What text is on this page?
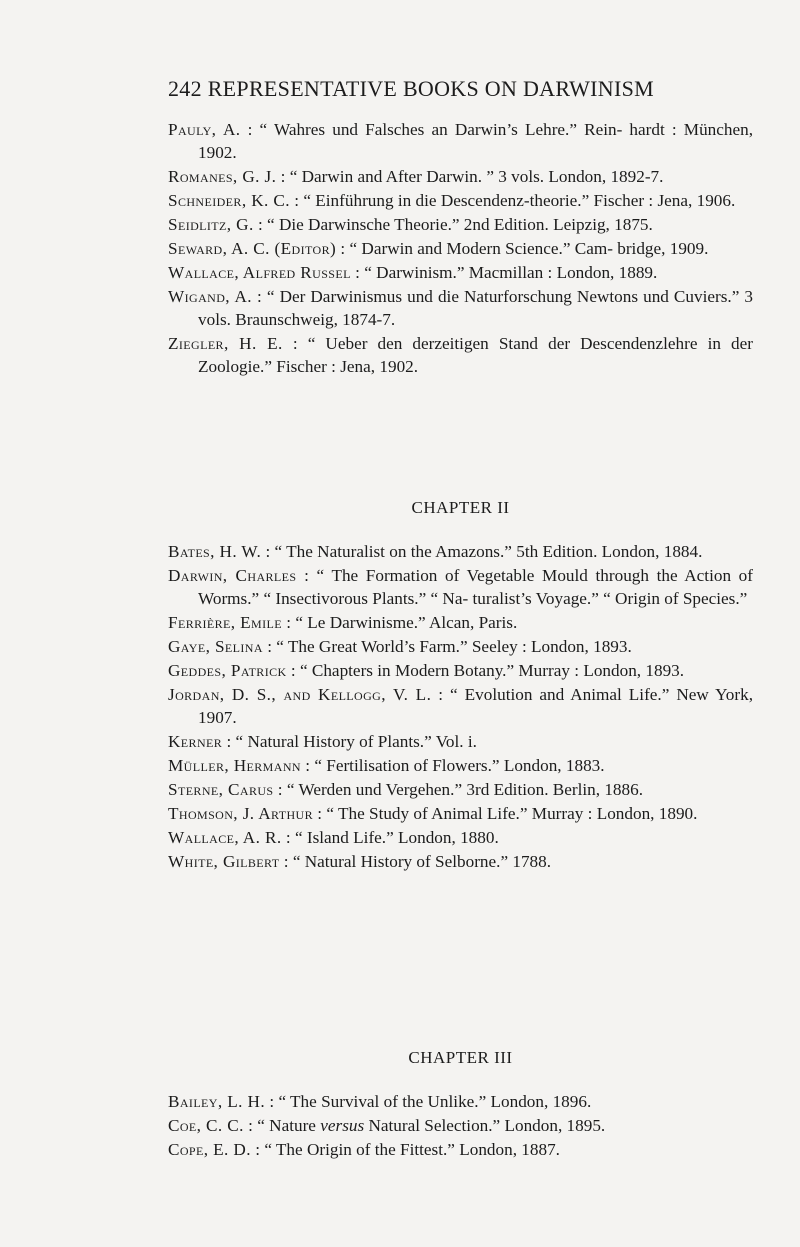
242 REPRESENTATIVE BOOKS ON DARWINISM

Pauly, A. : “ Wahres und Falsches an Darwin’s Lehre.” Rein- hardt : München, 1902.

Romanes, G. J. : “ Darwin and After Darwin. ” 3 vols. London, 1892-7.

Schneider, K. C. : “ Einführung in die Descendenz-theorie.” Fischer : Jena, 1906.

Seidlitz, G. : “ Die Darwinsche Theorie.” 2nd Edition. Leipzig, 1875.

Seward, A. C. (Editor) : “ Darwin and Modern Science.” Cam- bridge, 1909.

Wallace, Alfred Russel : “ Darwinism.” Macmillan : London, 1889.

Wigand, A. : “ Der Darwinismus und die Naturforschung Newtons und Cuviers.” 3 vols. Braunschweig, 1874-7.

Ziegler, H. E. : “ Ueber den derzeitigen Stand der Descendenzlehre in der Zoologie.” Fischer : Jena, 1902.

CHAPTER II

Bates, H. W. : “ The Naturalist on the Amazons.” 5th Edition. London, 1884.

Darwin, Charles : “ The Formation of Vegetable Mould through the Action of Worms.” “ Insectivorous Plants.” “ Na- turalist’s Voyage.” “ Origin of Species.”

Ferrière, Emile : “ Le Darwinisme.” Alcan, Paris.

Gaye, Selina : “ The Great World’s Farm.” Seeley : London, 1893.

Geddes, Patrick : “ Chapters in Modern Botany.” Murray : London, 1893.

Jordan, D. S., and Kellogg, V. L. : “ Evolution and Animal Life.” New York, 1907.

Kerner : “ Natural History of Plants.” Vol. i.

Müller, Hermann : “ Fertilisation of Flowers.” London, 1883.

Sterne, Carus : “ Werden und Vergehen.” 3rd Edition. Berlin, 1886.

Thomson, J. Arthur : “ The Study of Animal Life.” Murray : London, 1890.

Wallace, A. R. : “ Island Life.” London, 1880.

White, Gilbert : “ Natural History of Selborne.” 1788.

CHAPTER III

Bailey, L. H. : “ The Survival of the Unlike.” London, 1896.

Coe, C. C. : “ Nature versus Natural Selection.” London, 1895.

Cope, E. D. : “ The Origin of the Fittest.” London, 1887.
